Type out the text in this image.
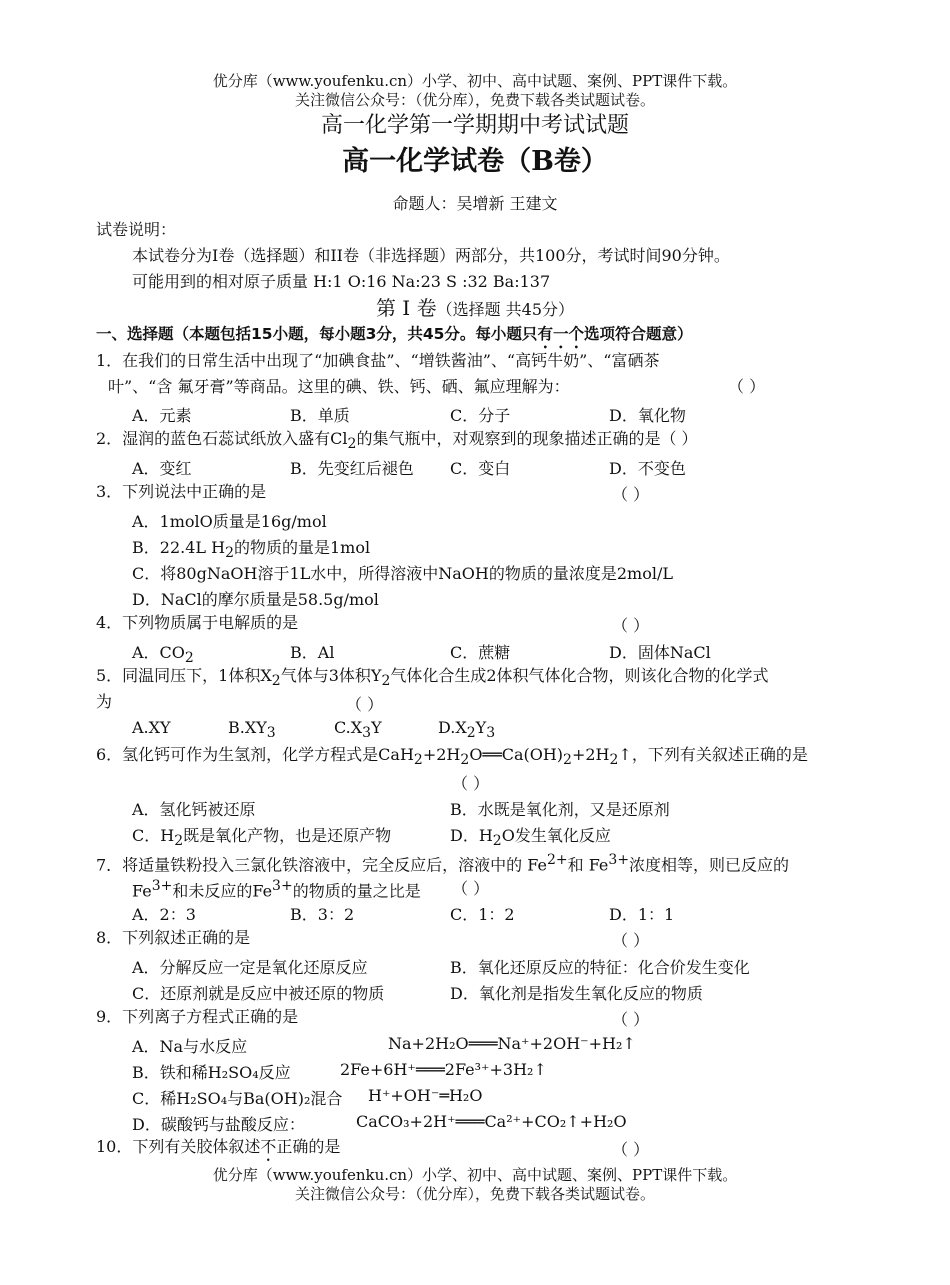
优分库（www.youfenku.cn）小学、初中、高中试题、案例、PPT课件下载。
关注微信公众号：（优分库），免费下载各类试题试卷。
高一化学第一学期期中考试试题
高一化学试卷（B卷）
命题人：吴增新 王建文
试卷说明：
本试卷分为I卷（选择题）和II卷（非选择题）两部分，共100分，考试时间90分钟。
可能用到的相对原子质量 H:1 O:16 Na:23 S :32 Ba:137
第 I 卷（选择题 共45分）
一、选择题（本题包括15小题，每小题3分，共45分。每小题只有一个选项符合题意）
1．在我们的日常生活中出现了“加碘食盐”、“增铁酱油”、“高钙牛奶”、“富硒茶
叶”、“含 氟牙膏”等商品。这里的碘、铁、钙、硒、氟应理解为：	（ ）
A．元素	B．单质	C．分子	D．氧化物
2．湿润的蓝色石蕊试纸放入盛有$Cl_2$的集气瓶中，对观察到的现象描述正确的是（ ）
A．变红	B．先变红后褪色 C．变白	D．不变色
3．下列说法中正确的是	（ ）
A．1molO质量是16g/mol
B．22.4L $H_2$的物质的量是1mol
C．将80gNaOH溶于1L水中，所得溶液中NaOH的物质的量浓度是2mol/L
D．NaCl的摩尔质量是58.5g/mol
4．下列物质属于电解质的是	（ ）
A．$CO_2$	B．Al	C．蔗糖	D．固体NaCl
5．同温同压下，1体积$X_2$气体与3体积$Y_2$气体化合生成2体积气体化合物，则该化合物的化学式
为	（ ）
A.XY	$B.XY_3$	$C.X_3Y$	$D.X_2Y_3$
6．氢化钙可作为生氢剂，化学方程式是$CaH_2+2H_2O══Ca(OH)_2+2H_2↑$，下列有关叙述正确的是
（ ）
A．氢化钙被还原	B．水既是氧化剂，又是还原剂
C．$H_2$既是氧化产物，也是还原产物	D．$H_2O$发生氧化反应
7．将适量铁粉投入三氯化铁溶液中，完全反应后，溶液中的 $Fe^{2+}$和 $Fe^{3+}$浓度相等，则已反应的
$Fe^{3+}$和未反应的$Fe^{3+}$的物质的量之比是	（ ）
A．2：3	B．3：2	C．1：2	D．1：1
8．下列叙述正确的是	（ ）
A．分解反应一定是氧化还原反应	B．氧化还原反应的特征：化合价发生变化
C．还原剂就是反应中被还原的物质	D．氧化剂是指发生氧化反应的物质
9．下列离子方程式正确的是	（ ）
A．Na与水反应	Na+2H₂O═══Na⁺+2OH⁻+H₂↑
B．铁和稀H₂SO₄反应	2Fe+6H⁺═══2Fe³⁺+3H₂↑
C．稀H₂SO₄与Ba(OH)₂混合 H⁺+OH⁻═H₂O
D．碳酸钙与盐酸反应：	CaCO₃+2H⁺═══Ca²⁺+CO₂↑+H₂O
10．下列有关胶体叙述不正确的是	（ ）
优分库（www.youfenku.cn）小学、初中、高中试题、案例、PPT课件下载。
关注微信公众号：（优分库），免费下载各类试题试卷。
